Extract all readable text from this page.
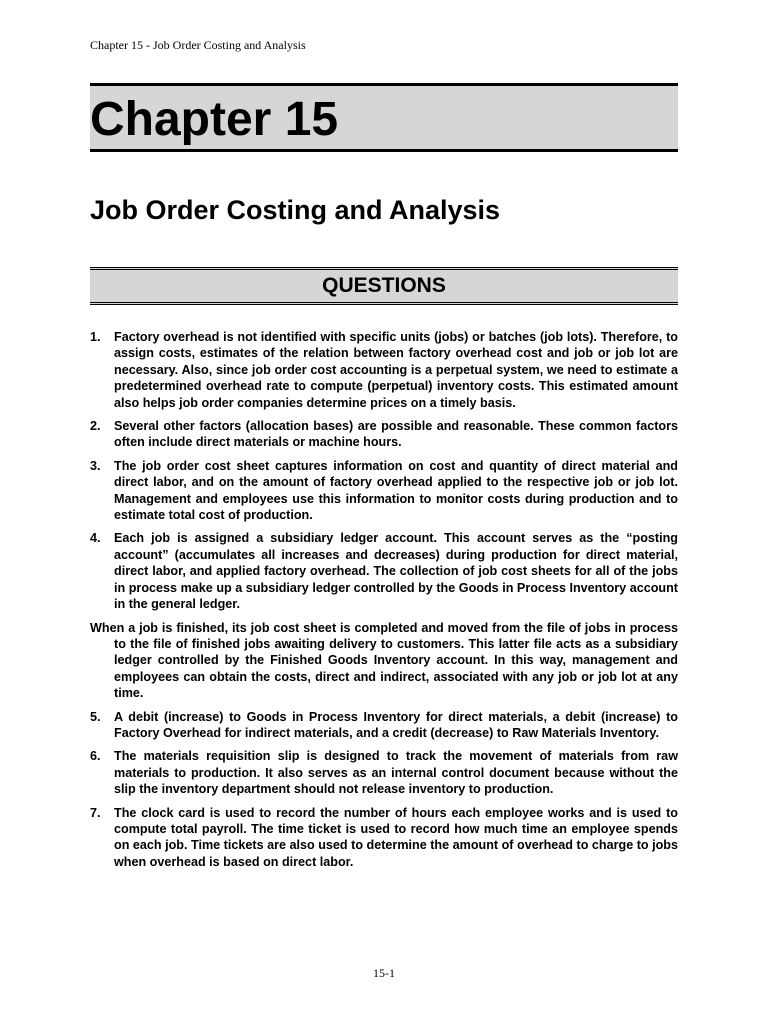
Chapter 15 - Job Order Costing and Analysis
Chapter 15
Job Order Costing and Analysis
QUESTIONS
1. Factory overhead is not identified with specific units (jobs) or batches (job lots). Therefore, to assign costs, estimates of the relation between factory overhead cost and job or job lot are necessary. Also, since job order cost accounting is a perpetual system, we need to estimate a predetermined overhead rate to compute (perpetual) inventory costs. This estimated amount also helps job order companies determine prices on a timely basis.
2. Several other factors (allocation bases) are possible and reasonable. These common factors often include direct materials or machine hours.
3. The job order cost sheet captures information on cost and quantity of direct material and direct labor, and on the amount of factory overhead applied to the respective job or job lot. Management and employees use this information to monitor costs during production and to estimate total cost of production.
4. Each job is assigned a subsidiary ledger account. This account serves as the “posting account” (accumulates all increases and decreases) during production for direct material, direct labor, and applied factory overhead. The collection of job cost sheets for all of the jobs in process make up a subsidiary ledger controlled by the Goods in Process Inventory account in the general ledger.
When a job is finished, its job cost sheet is completed and moved from the file of jobs in process to the file of finished jobs awaiting delivery to customers. This latter file acts as a subsidiary ledger controlled by the Finished Goods Inventory account. In this way, management and employees can obtain the costs, direct and indirect, associated with any job or job lot at any time.
5. A debit (increase) to Goods in Process Inventory for direct materials, a debit (increase) to Factory Overhead for indirect materials, and a credit (decrease) to Raw Materials Inventory.
6. The materials requisition slip is designed to track the movement of materials from raw materials to production. It also serves as an internal control document because without the slip the inventory department should not release inventory to production.
7. The clock card is used to record the number of hours each employee works and is used to compute total payroll. The time ticket is used to record how much time an employee spends on each job. Time tickets are also used to determine the amount of overhead to charge to jobs when overhead is based on direct labor.
15-1
